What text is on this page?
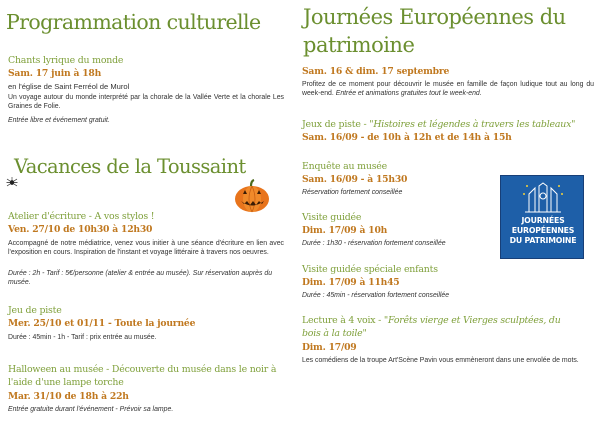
Programmation culturelle
Chants lyrique du monde
Sam. 17 juin à 18h
en l'église de Saint Ferréol de Murol
Un voyage autour du monde interprété par la chorale de la Vallée Verte et la chorale Les Graines de Folie.
Entrée libre et événement gratuit.
Vacances de la Toussaint
Atelier d'écriture - A vos stylos !
Ven. 27/10 de 10h30 à 12h30
Accompagné de notre médiatrice, venez vous initier à une séance d'écriture en lien avec l'exposition en cours. Inspiration de l'instant et voyage littéraire à travers nos oeuvres.
Durée : 2h - Tarif : 5€/personne (atelier & entrée au musée). Sur réservation auprès du musée.
Jeu de piste
Mer. 25/10 et 01/11 - Toute la journée
Durée : 45min - 1h - Tarif : prix entrée au musée.
Halloween au musée - Découverte du musée dans le noir à
l'aide d'une lampe torche
Mar. 31/10 de 18h à 22h
Entrée gratuite durant l'événement - Prévoir sa lampe.
Journées Européennes du
patrimoine
Sam. 16 & dim. 17 septembre
Profitez de ce moment pour découvrir le musée en famille de façon ludique tout au long du week-end. Entrée et animations gratuites tout le week-end.
Jeux de piste - "Histoires et légendes à travers les tableaux"
Sam. 16/09 - de 10h à 12h et de 14h à 15h
Enquête au musée
Sam. 16/09 - à 15h30
Réservation fortement conseillée
Visite guidée
Dim. 17/09 à 10h
Durée : 1h30 - réservation fortement conseillée
Visite guidée spéciale enfants
Dim. 17/09 à 11h45
Durée : 45min - réservation fortement conseillée
Lecture à 4 voix - "Forêts vierge et Vierges sculptées, du
bois à la toile"
Dim. 17/09
Les comédiens de la troupe Art'Scène Pavin vous emmèneront dans une envolée de mots.
JOURNÉES
EUROPÉENNES
DU PATRIMOINE
